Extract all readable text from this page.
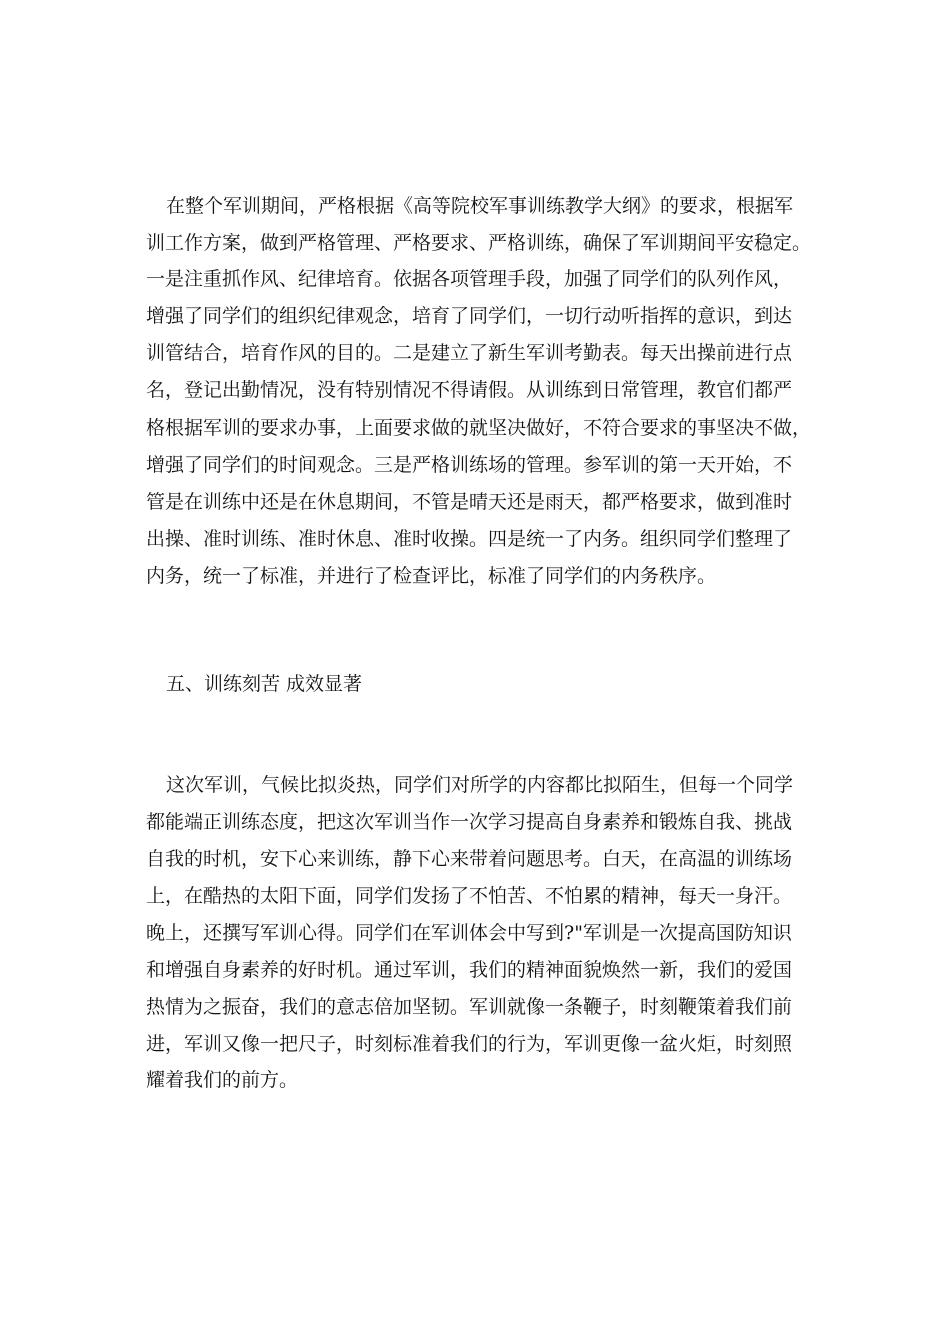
在整个军训期间，严格根据《高等院校军事训练教学大纲》的要求，根据军

训工作方案，做到严格管理、严格要求、严格训练，确保了军训期间平安稳定。

一是注重抓作风、纪律培育。依据各项管理手段，加强了同学们的队列作风，

增强了同学们的组织纪律观念，培育了同学们，一切行动听指挥的意识，到达

训管结合，培育作风的目的。二是建立了新生军训考勤表。每天出操前进行点

名，登记出勤情况，没有特别情况不得请假。从训练到日常管理，教官们都严

格根据军训的要求办事，上面要求做的就坚决做好，不符合要求的事坚决不做，

增强了同学们的时间观念。三是严格训练场的管理。参军训的第一天开始，不

管是在训练中还是在休息期间，不管是晴天还是雨天，都严格要求，做到准时

出操、准时训练、准时休息、准时收操。四是统一了内务。组织同学们整理了

内务，统一了标准，并进行了检查评比，标准了同学们的内务秩序。

五、训练刻苦 成效显著

这次军训，气候比拟炎热，同学们对所学的内容都比拟陌生，但每一个同学

都能端正训练态度，把这次军训当作一次学习提高自身素养和锻炼自我、挑战

自我的时机，安下心来训练，静下心来带着问题思考。白天，在高温的训练场

上，在酷热的太阳下面，同学们发扬了不怕苦、不怕累的精神，每天一身汗。

晚上，还撰写军训心得。同学们在军训体会中写到?"军训是一次提高国防知识

和增强自身素养的好时机。通过军训，我们的精神面貌焕然一新，我们的爱国

热情为之振奋，我们的意志倍加坚韧。军训就像一条鞭子，时刻鞭策着我们前

进，军训又像一把尺子，时刻标准着我们的行为，军训更像一盆火炬，时刻照

耀着我们的前方。
